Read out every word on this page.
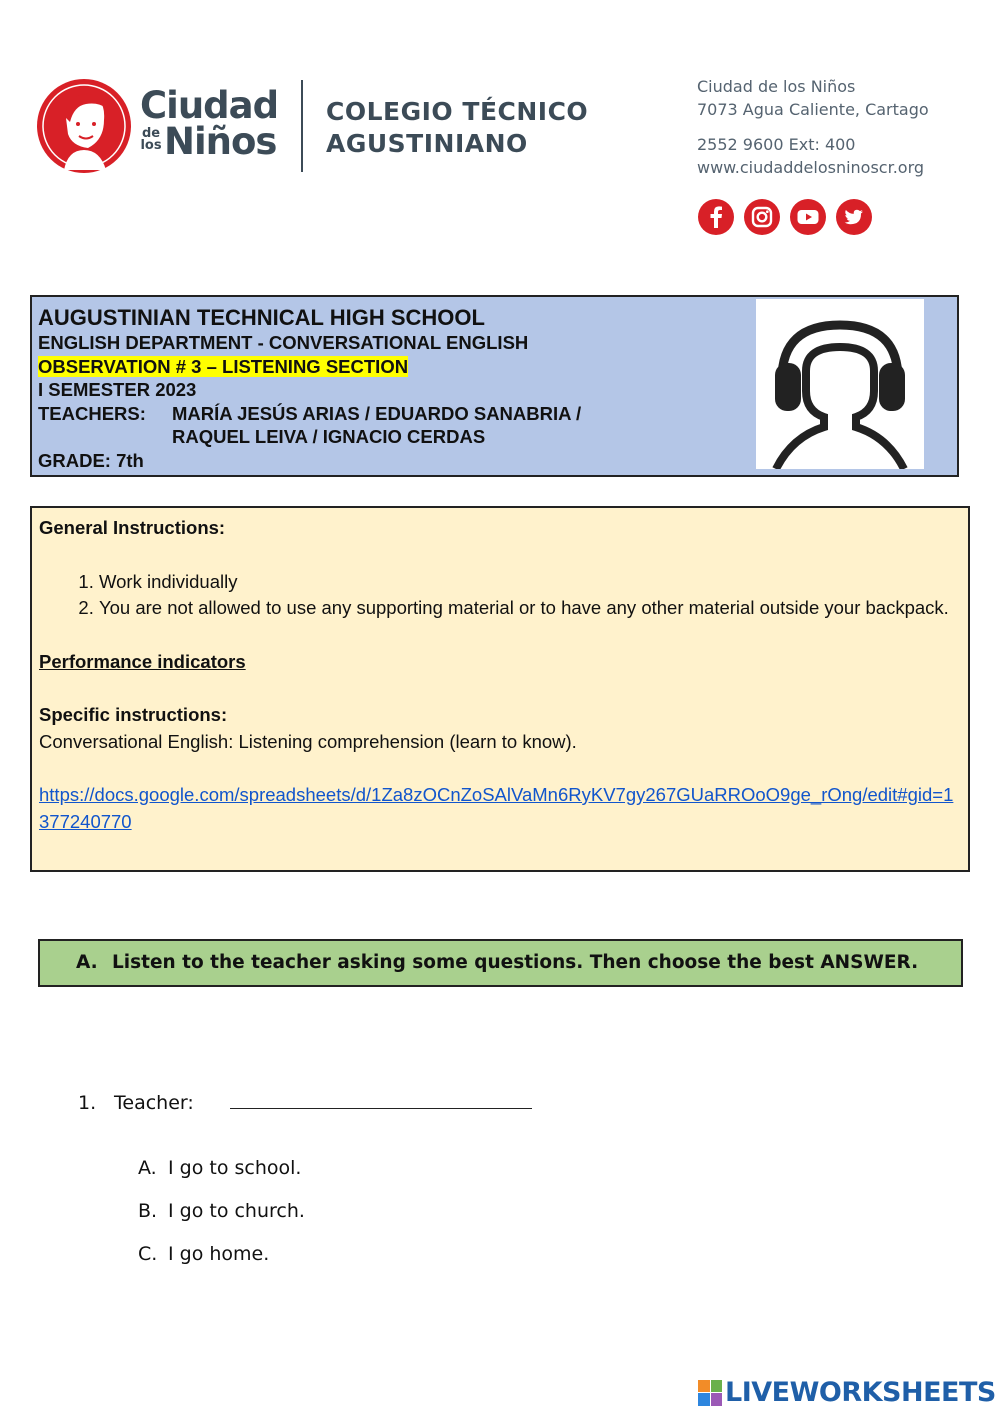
Ciudad
de
los Niños
COLEGIO TÉCNICO
AGUSTINIANO
Ciudad de los Niños
7073 Agua Caliente, Cartago
2552 9600 Ext: 400
www.ciudaddelosninoscr.org
AUGUSTINIAN TECHNICAL HIGH SCHOOL
ENGLISH DEPARTMENT - CONVERSATIONAL ENGLISH
OBSERVATION # 3 – LISTENING SECTION
I SEMESTER 2023
TEACHERS:	MARÍA JESÚS ARIAS / EDUARDO SANABRIA /
RAQUEL LEIVA / IGNACIO CERDAS
GRADE: 7th
General Instructions:
1. Work individually
2. You are not allowed to use any supporting material or to have any other material outside your backpack.
Performance indicators
Specific instructions:
Conversational English: Listening comprehension (learn to know).
https://docs.google.com/spreadsheets/d/1Za8zOCnZoSAlVaMn6RyKV7gy267GUaRROoO9ge_rOng/edit#gid=1377240770
A. Listen to the teacher asking some questions. Then choose the best ANSWER.
1. Teacher:
A. I go to school.
B. I go to church.
C. I go home.
LIVEWORKSHEETS
